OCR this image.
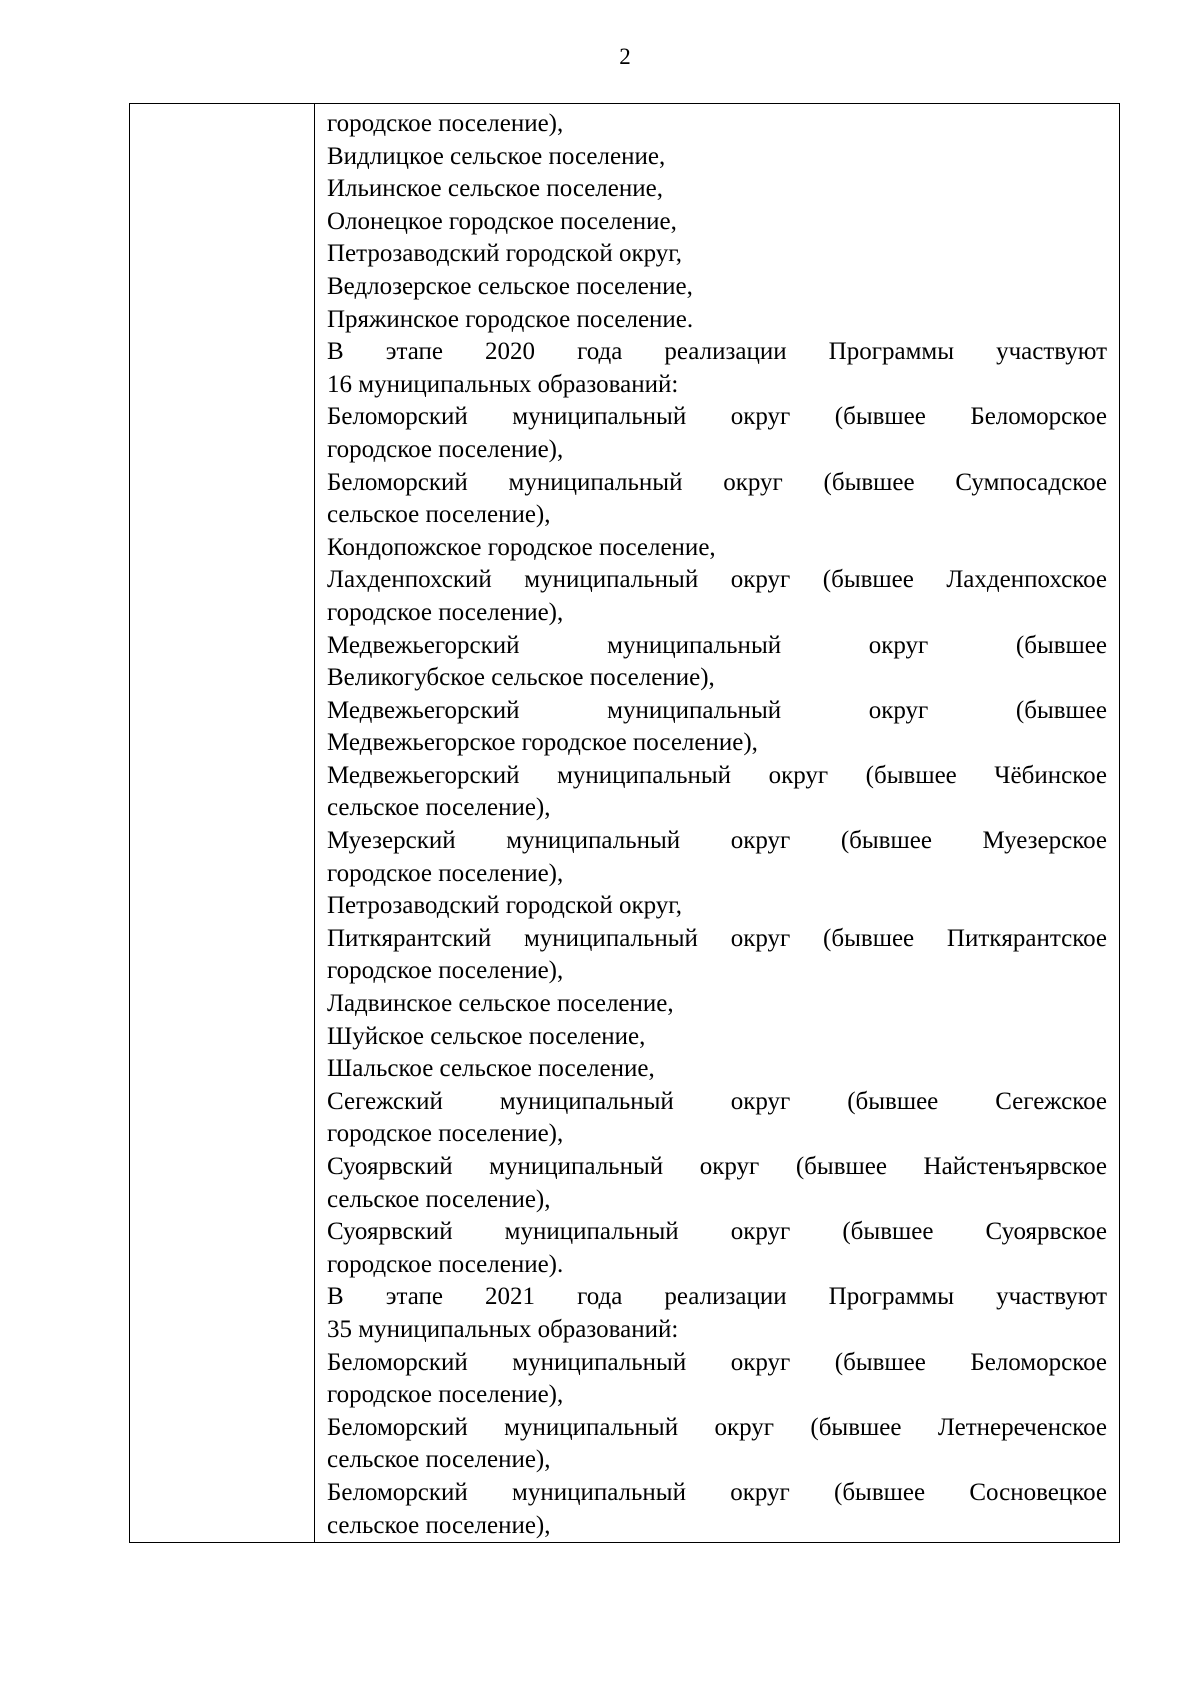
2
городское поселение),
Видлицкое сельское поселение,
Ильинское сельское поселение,
Олонецкое городское поселение,
Петрозаводский городской округ,
Ведлозерское сельское поселение,
Пряжинское городское поселение.
В этапе 2020 года реализации Программы участвуют
16 муниципальных образований:
Беломорский муниципальный округ (бывшее Беломорское
городское поселение),
Беломорский муниципальный округ (бывшее Сумпосадское
сельское поселение),
Кондопожское городское поселение,
Лахденпохский муниципальный округ (бывшее Лахденпохское
городское поселение),
Медвежьегорский муниципальный округ (бывшее
Великогубское сельское поселение),
Медвежьегорский муниципальный округ (бывшее
Медвежьегорское городское поселение),
Медвежьегорский муниципальный округ (бывшее Чёбинское
сельское поселение),
Муезерский муниципальный округ (бывшее Муезерское
городское поселение),
Петрозаводский городской округ,
Питкярантский муниципальный округ (бывшее Питкярантское
городское поселение),
Ладвинское сельское поселение,
Шуйское сельское поселение,
Шальское сельское поселение,
Сегежский муниципальный округ (бывшее Сегежское
городское поселение),
Суоярвский муниципальный округ (бывшее Найстенъярвское
сельское поселение),
Суоярвский муниципальный округ (бывшее Суоярвское
городское поселение).
В этапе 2021 года реализации Программы участвуют
35 муниципальных образований:
Беломорский муниципальный округ (бывшее Беломорское
городское поселение),
Беломорский муниципальный округ (бывшее Летнереченское
сельское поселение),
Беломорский муниципальный округ (бывшее Сосновецкое
сельское поселение),
